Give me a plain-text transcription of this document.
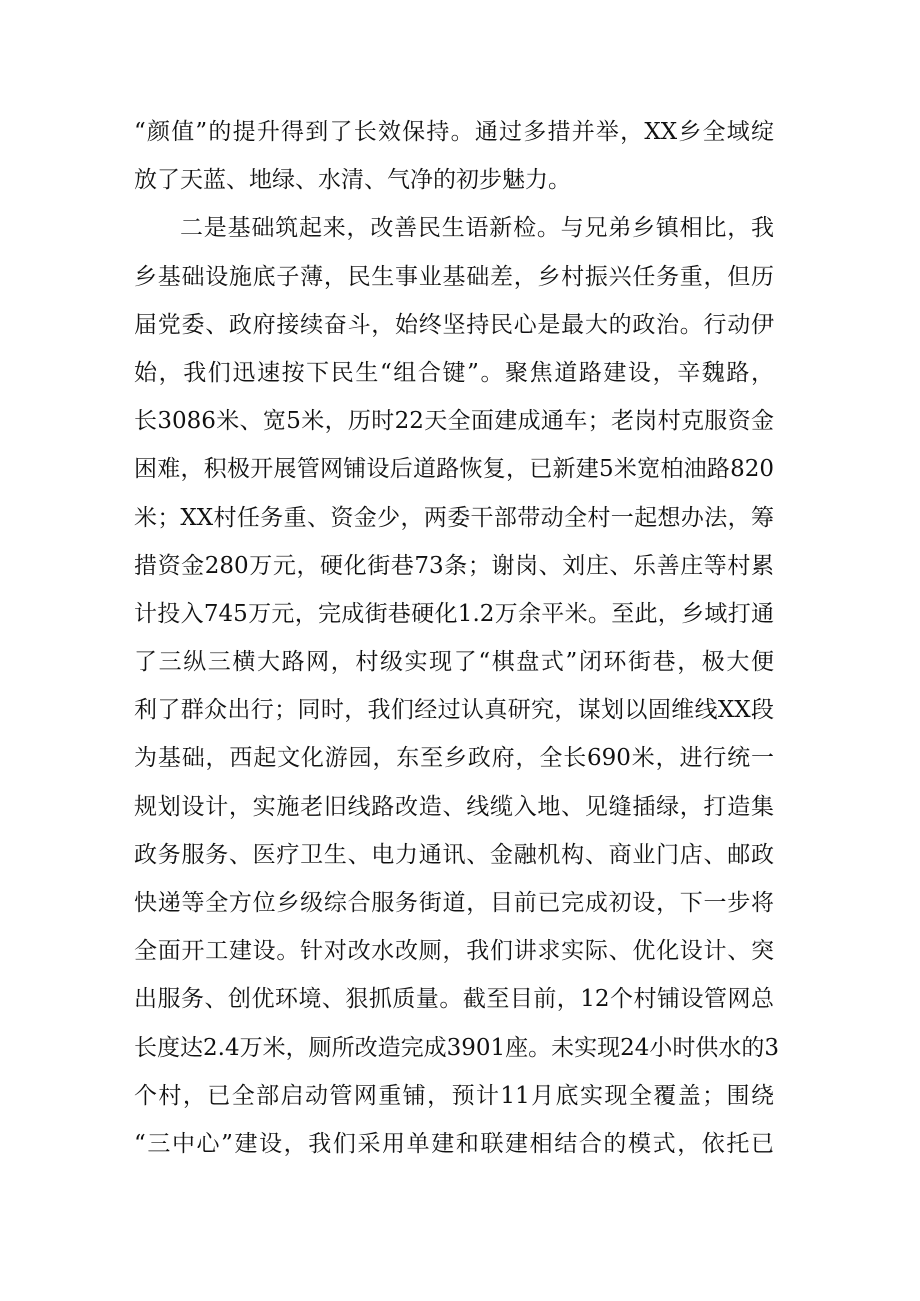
“颜值”的提升得到了长效保持。通过多措并举，XX乡全域绽
放了天蓝、地绿、水清、气净的初步魅力。
二是基础筑起来，改善民生语新检。与兄弟乡镇相比，我
乡基础设施底子薄，民生事业基础差，乡村振兴任务重，但历
届党委、政府接续奋斗，始终坚持民心是最大的政治。行动伊
始，我们迅速按下民生“组合键”。聚焦道路建设，辛魏路，
长3086米、宽5米，历时22天全面建成通车；老岗村克服资金
困难，积极开展管网铺设后道路恢复，已新建5米宽柏油路820
米；XX村任务重、资金少，两委干部带动全村一起想办法，筹
措资金280万元，硬化街巷73条；谢岗、刘庄、乐善庄等村累
计投入745万元，完成街巷硬化1.2万余平米。至此，乡域打通
了三纵三横大路网，村级实现了“棋盘式”闭环街巷，极大便
利了群众出行；同时，我们经过认真研究，谋划以固维线XX段
为基础，西起文化游园，东至乡政府，全长690米，进行统一
规划设计，实施老旧线路改造、线缆入地、见缝插绿，打造集
政务服务、医疗卫生、电力通讯、金融机构、商业门店、邮政
快递等全方位乡级综合服务街道，目前已完成初设，下一步将
全面开工建设。针对改水改厕，我们讲求实际、优化设计、突
出服务、创优环境、狠抓质量。截至目前，12个村铺设管网总
长度达2.4万米，厕所改造完成3901座。未实现24小时供水的3
个村，已全部启动管网重铺，预计11月底实现全覆盖；围绕
“三中心”建设，我们采用单建和联建相结合的模式，依托已
